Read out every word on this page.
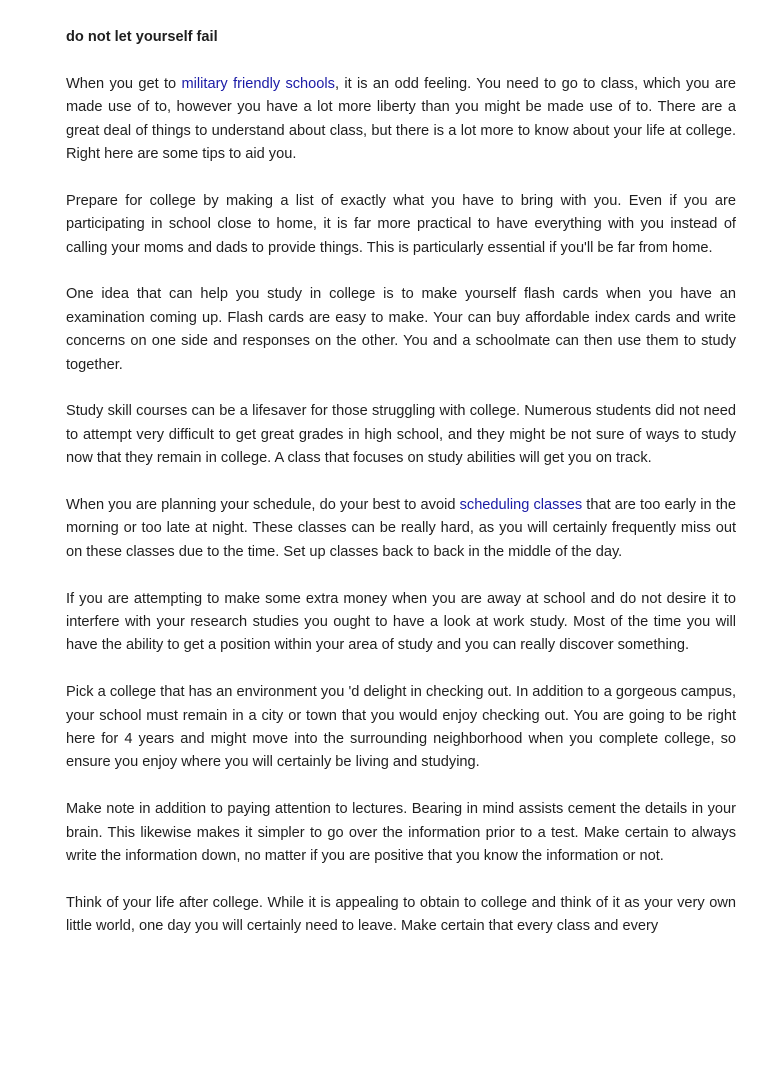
do not let yourself fail

When you get to military friendly schools, it is an odd feeling. You need to go to class, which you are made use of to, however you have a lot more liberty than you might be made use of to. There are a great deal of things to understand about class, but there is a lot more to know about your life at college. Right here are some tips to aid you.

Prepare for college by making a list of exactly what you have to bring with you. Even if you are participating in school close to home, it is far more practical to have everything with you instead of calling your moms and dads to provide things. This is particularly essential if you'll be far from home.

One idea that can help you study in college is to make yourself flash cards when you have an examination coming up. Flash cards are easy to make. Your can buy affordable index cards and write concerns on one side and responses on the other. You and a schoolmate can then use them to study together.

Study skill courses can be a lifesaver for those struggling with college. Numerous students did not need to attempt very difficult to get great grades in high school, and they might be not sure of ways to study now that they remain in college. A class that focuses on study abilities will get you on track.

When you are planning your schedule, do your best to avoid scheduling classes that are too early in the morning or too late at night. These classes can be really hard, as you will certainly frequently miss out on these classes due to the time. Set up classes back to back in the middle of the day.

If you are attempting to make some extra money when you are away at school and do not desire it to interfere with your research studies you ought to have a look at work study. Most of the time you will have the ability to get a position within your area of study and you can really discover something.

Pick a college that has an environment you 'd delight in checking out. In addition to a gorgeous campus, your school must remain in a city or town that you would enjoy checking out. You are going to be right here for 4 years and might move into the surrounding neighborhood when you complete college, so ensure you enjoy where you will certainly be living and studying.

Make note in addition to paying attention to lectures. Bearing in mind assists cement the details in your brain. This likewise makes it simpler to go over the information prior to a test. Make certain to always write the information down, no matter if you are positive that you know the information or not.

Think of your life after college. While it is appealing to obtain to college and think of it as your very own little world, one day you will certainly need to leave. Make certain that every class and every
